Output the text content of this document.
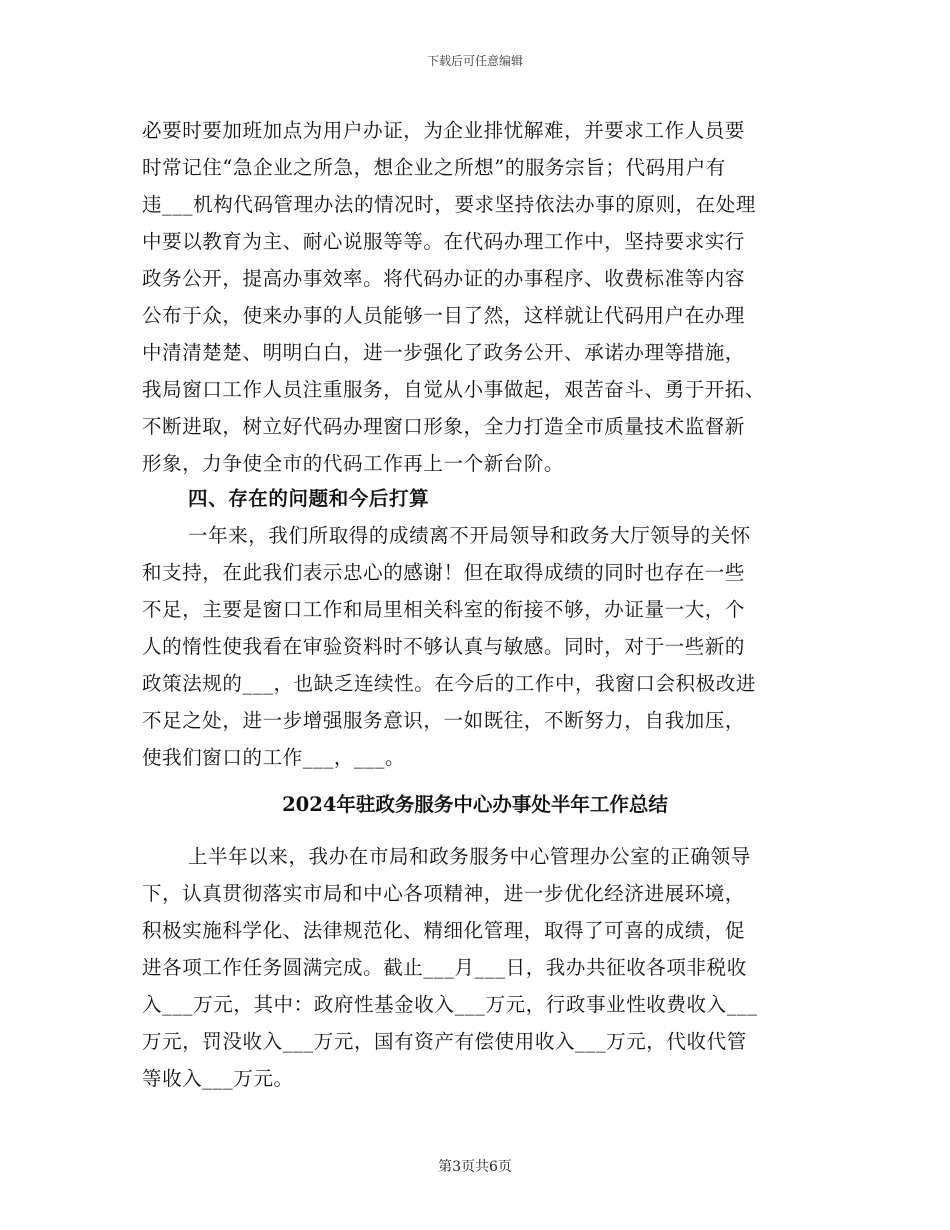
下载后可任意编辑
必要时要加班加点为用户办证，为企业排忧解难，并要求工作人员要
时常记住“急企业之所急，想企业之所想”的服务宗旨；代码用户有
违___机构代码管理办法的情况时，要求坚持依法办事的原则，在处理
中要以教育为主、耐心说服等等。在代码办理工作中，坚持要求实行
政务公开，提高办事效率。将代码办证的办事程序、收费标准等内容
公布于众，使来办事的人员能够一目了然，这样就让代码用户在办理
中清清楚楚、明明白白，进一步强化了政务公开、承诺办理等措施，
我局窗口工作人员注重服务，自觉从小事做起，艰苦奋斗、勇于开拓、
不断进取，树立好代码办理窗口形象，全力打造全市质量技术监督新
形象，力争使全市的代码工作再上一个新台阶。
四、存在的问题和今后打算
一年来，我们所取得的成绩离不开局领导和政务大厅领导的关怀
和支持，在此我们表示忠心的感谢！但在取得成绩的同时也存在一些
不足，主要是窗口工作和局里相关科室的衔接不够，办证量一大，个
人的惰性使我看在审验资料时不够认真与敏感。同时，对于一些新的
政策法规的___，也缺乏连续性。在今后的工作中，我窗口会积极改进
不足之处，进一步增强服务意识，一如既往，不断努力，自我加压，
使我们窗口的工作___，___。
2024年驻政务服务中心办事处半年工作总结
上半年以来，我办在市局和政务服务中心管理办公室的正确领导
下，认真贯彻落实市局和中心各项精神，进一步优化经济进展环境，
积极实施科学化、法律规范化、精细化管理，取得了可喜的成绩，促
进各项工作任务圆满完成。截止___月___日，我办共征收各项非税收
入___万元，其中：政府性基金收入___万元，行政事业性收费收入___
万元，罚没收入___万元，国有资产有偿使用收入___万元，代收代管
等收入___万元。
第3页共6页
